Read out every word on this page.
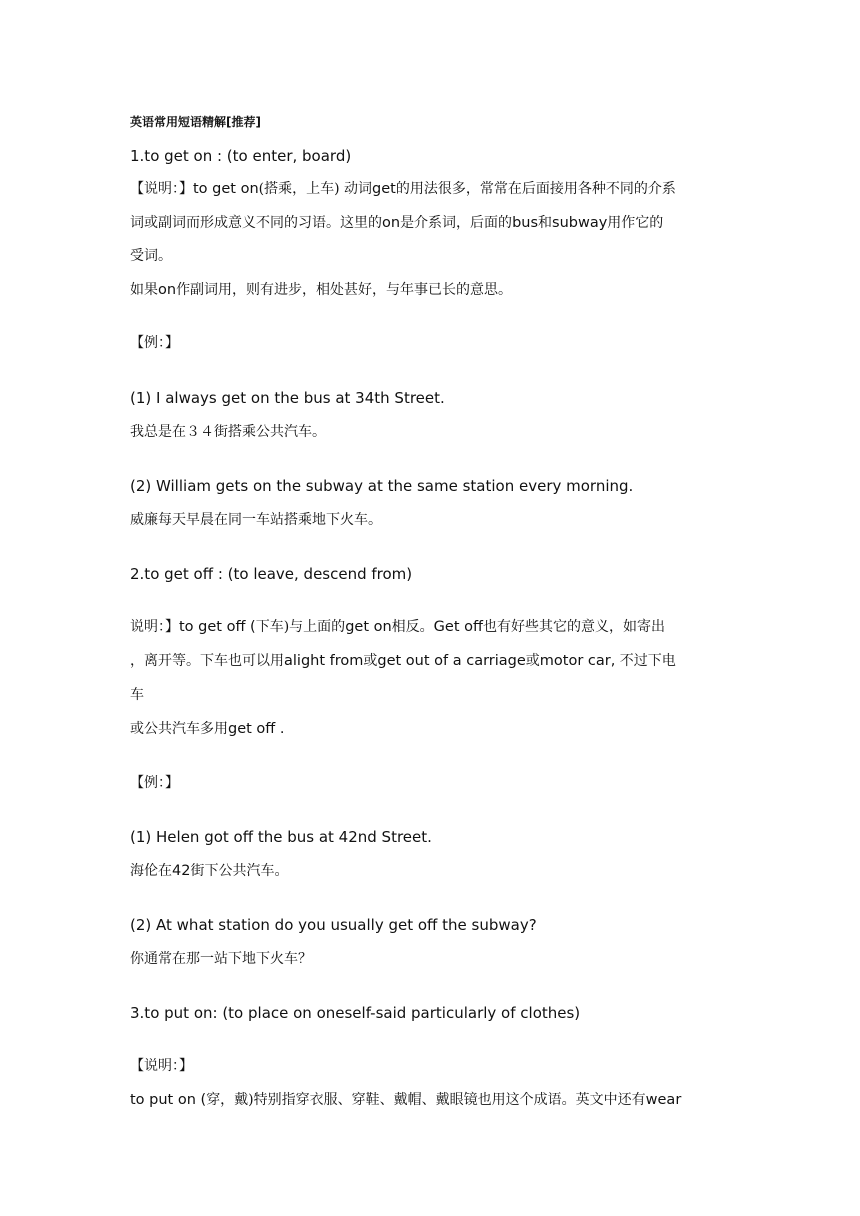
英语常用短语精解[推荐]
1.to get on : (to enter, board)
【说明：】to get on(搭乘，上车) 动词get的用法很多，常常在后面接用各种不同的介系
词或副词而形成意义不同的习语。这里的on是介系词，后面的bus和subway用作它的
受词。
如果on作副词用，则有进步，相处甚好，与年事已长的意思。
【例：】
(1) I always get on the bus at 34th Street.
我总是在３４街搭乘公共汽车。
(2) William gets on the subway at the same station every morning.
威廉每天早晨在同一车站搭乘地下火车。
2.to get off : (to leave, descend from)
说明：】to get off (下车)与上面的get on相反。Get off也有好些其它的意义，如寄出
，离开等。下车也可以用alight from或get out of a carriage或motor car, 不过下电
车
或公共汽车多用get off .
【例：】
(1) Helen got off the bus at 42nd Street.
海伦在42街下公共汽车。
(2) At what station do you usually get off the subway?
你通常在那一站下地下火车？
3.to put on: (to place on oneself-said particularly of clothes)
【说明：】
to put on (穿，戴)特别指穿衣服、穿鞋、戴帽、戴眼镜也用这个成语。英文中还有wear
